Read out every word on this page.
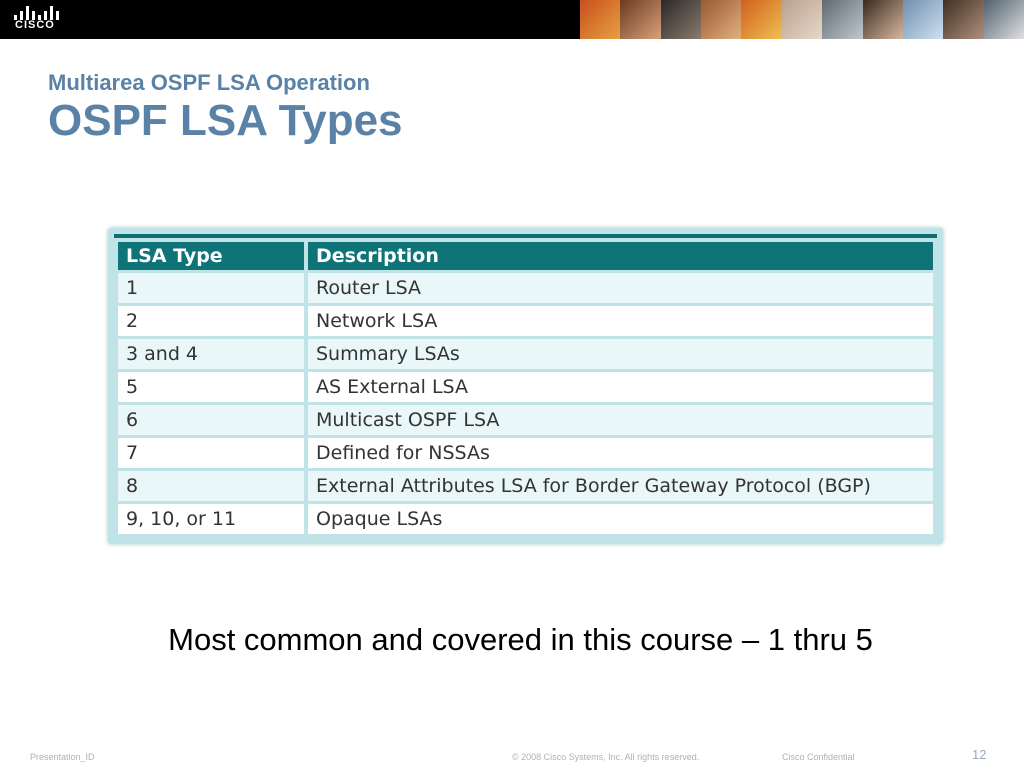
CISCO
Multiarea OSPF LSA Operation
OSPF LSA Types
LSA Type	Description
1	Router LSA
2	Network LSA
3 and 4	Summary LSAs
5	AS External LSA
6	Multicast OSPF LSA
7	Defined for NSSAs
8	External Attributes LSA for Border Gateway Protocol (BGP)
9, 10, or 11	Opaque LSAs
Most common and covered in this course – 1 thru 5
Presentation_ID	© 2008 Cisco Systems, Inc. All rights reserved.	Cisco Confidential	12
